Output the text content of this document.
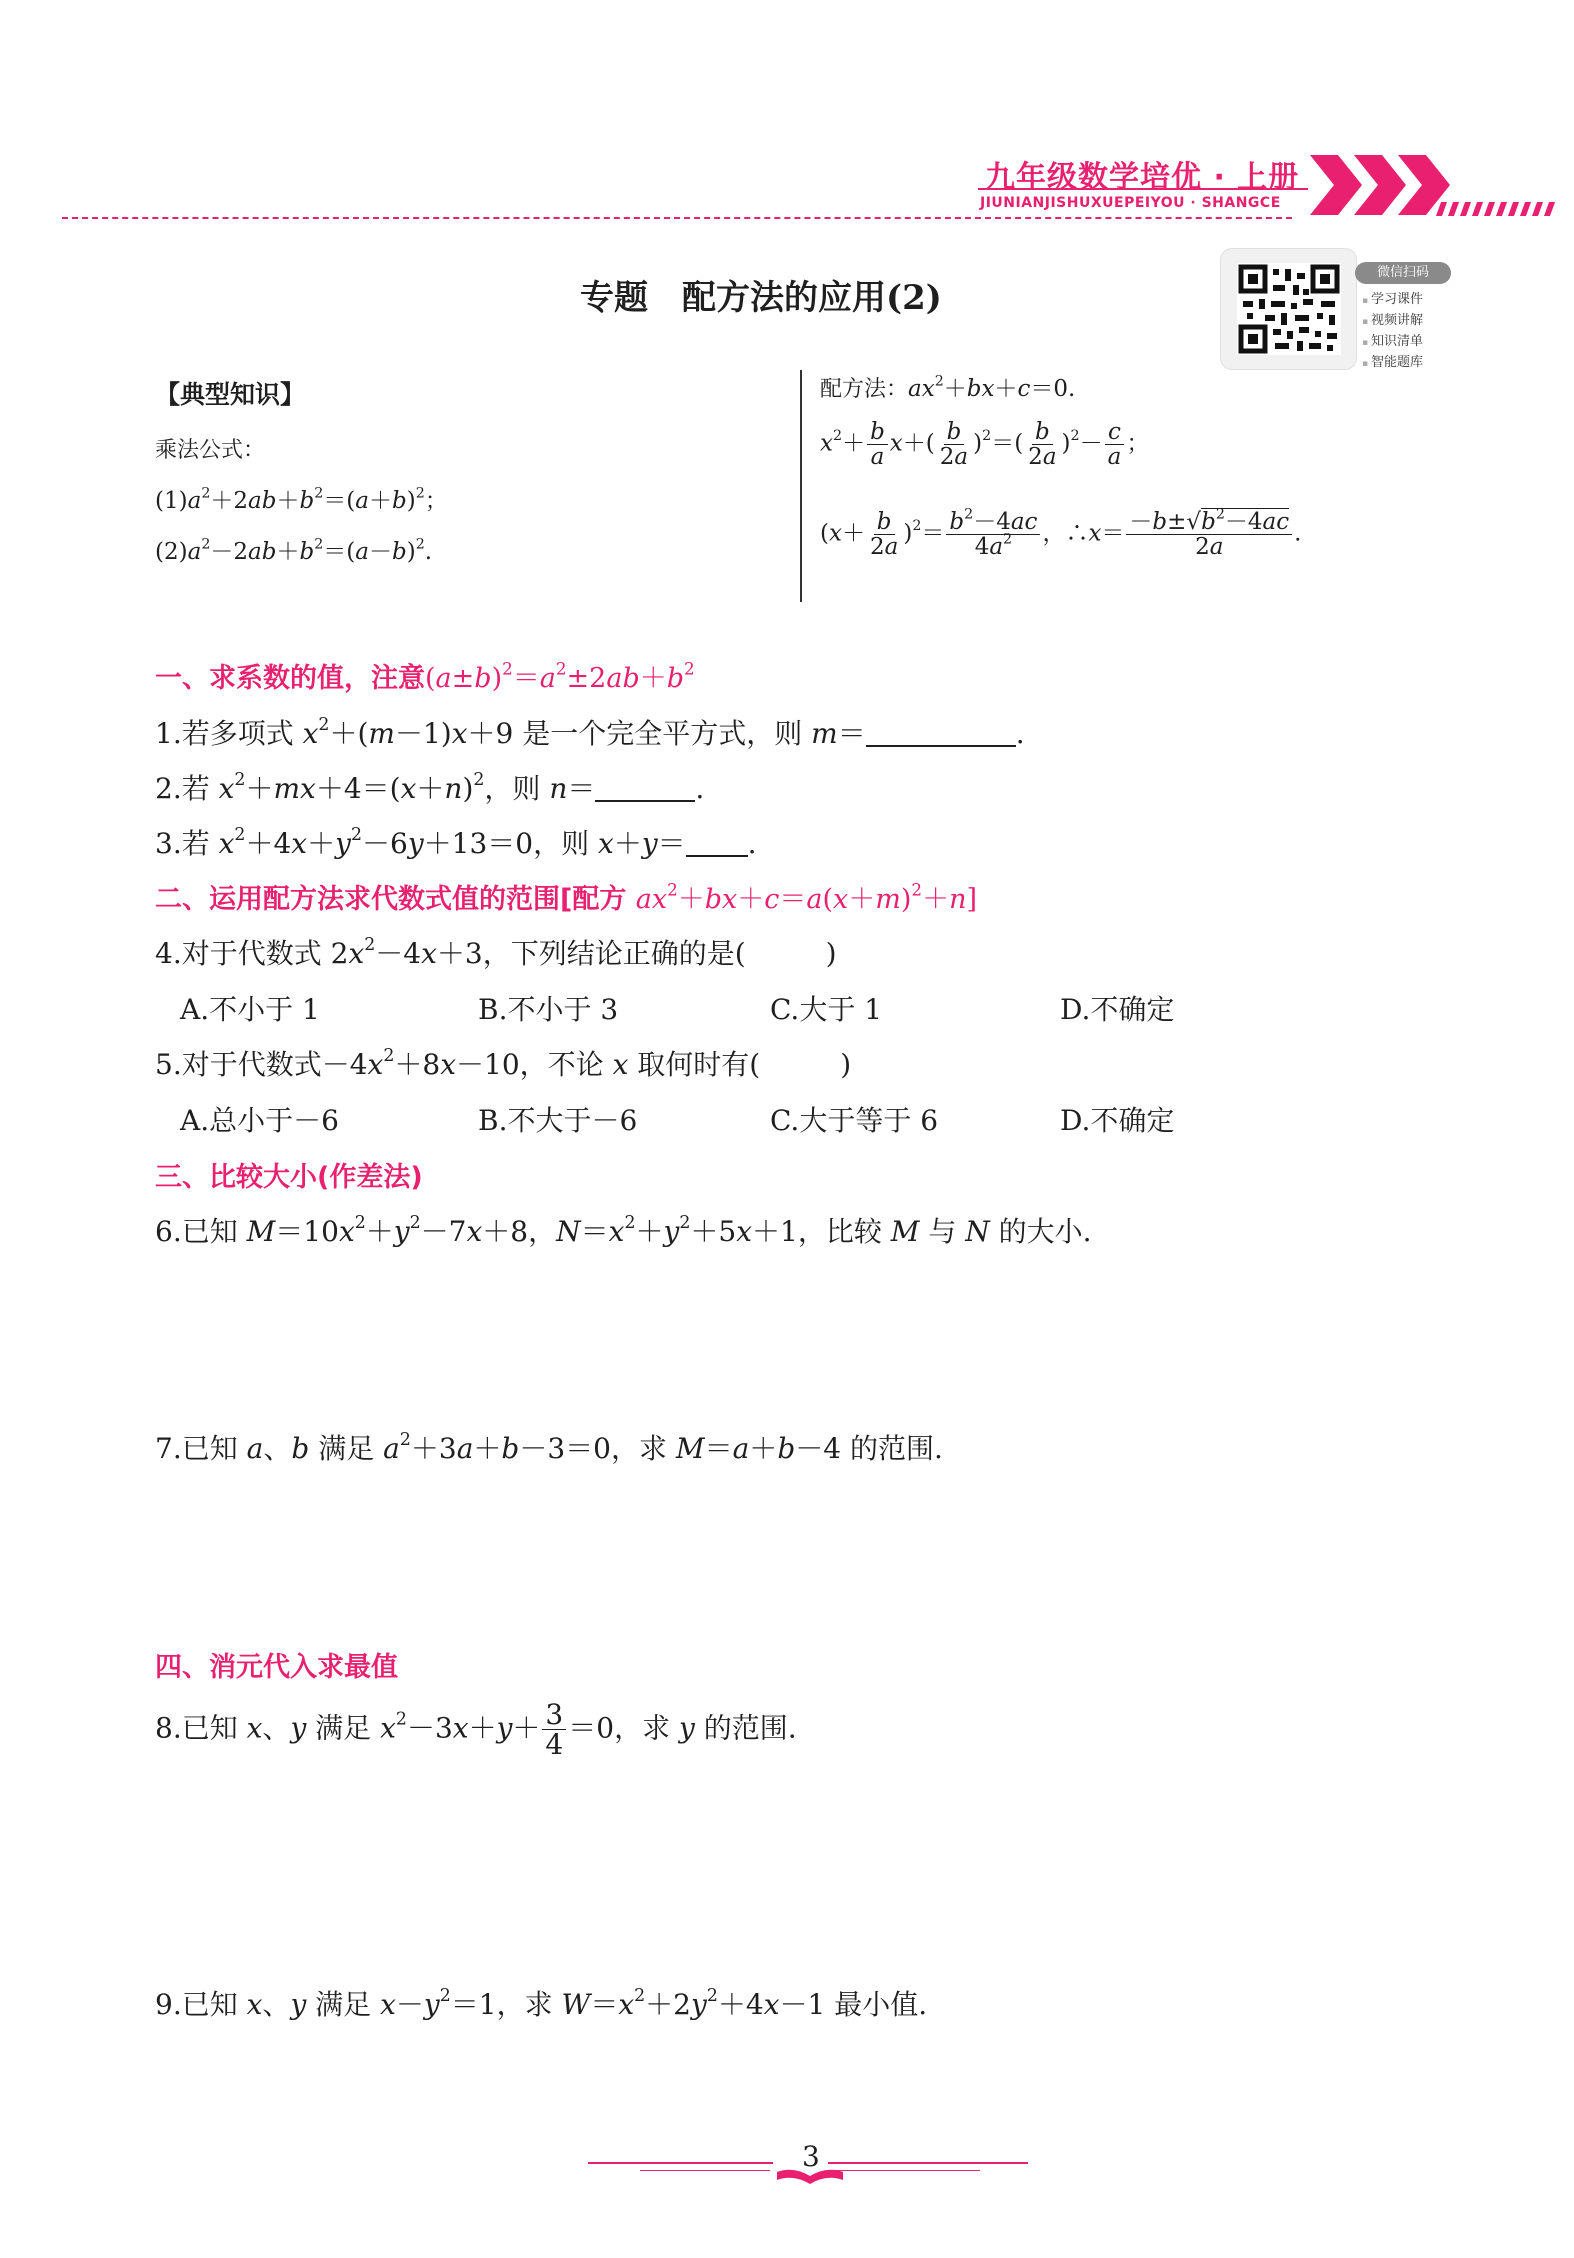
九年级数学培优 · 上册
JIUNIANJISHUXUEPEIYOU · SHANGCE
专题　配方法的应用(2)
微信扫码
▪ 学习课件
▪ 视频讲解
▪ 知识清单
▪ 智能题库
【典型知识】
乘法公式：
$(1)a^2+2ab+b^2=(a+b)^2$；
$(2)a^2-2ab+b^2=(a-b)^2$.
配方法：$ax^2+bx+c=0$.
$x^2+ \frac{b}{a} x+( \frac{b}{2a} )^2=( \frac{b}{2a} )^2- \frac{c}{a}$ ；
$(x+ \frac{b}{2a} )^2= \frac{b^2-4ac}{4a^2}$ ，∴x＝ $\frac{-b\pm√b^2-4ac}{2a}$ .
一、求系数的值，注意$(a\pm b)^2=a^2\pm 2ab+b^2$
1.若多项式 $x^2+(m-1)x+9$ 是一个完全平方式，则 m＝	.
2.若 $x^2+mx+4=(x+n)^2$，则 n＝	.
3.若 $x^2+4x+y^2-6y+13=0$，则 x＋y＝ .
二、运用配方法求代数式值的范围[配方 $ax^2+bx+c=a(x+m)^2+n$]
4.对于代数式 $2x^2-4x+3$，下列结论正确的是(	)
A.不小于 1	B.不小于 3	C.大于 1	D.不确定
5.对于代数式$-4x^2+8x-10$，不论 x 取何时有(	)
A.总小于－6	B.不大于－6	C.大于等于 6	D.不确定
三、比较大小(作差法)
6.已知 $M=10x^2+y^2-7x+8$，$N=x^2+y^2+5x+1$，比较 M 与 N 的大小.
7.已知 a、b 满足 $a^2+3a+b-3=0$，求 M＝a＋b－4 的范围.
四、消元代入求最值
8.已知 x、y 满足 $x^2-3x+y+ \frac{3}{4} =0$，求 y 的范围.
9.已知 x、y 满足 $x-y^2=1$，求 $W=x^2+2y^2+4x-1$ 最小值.
3
